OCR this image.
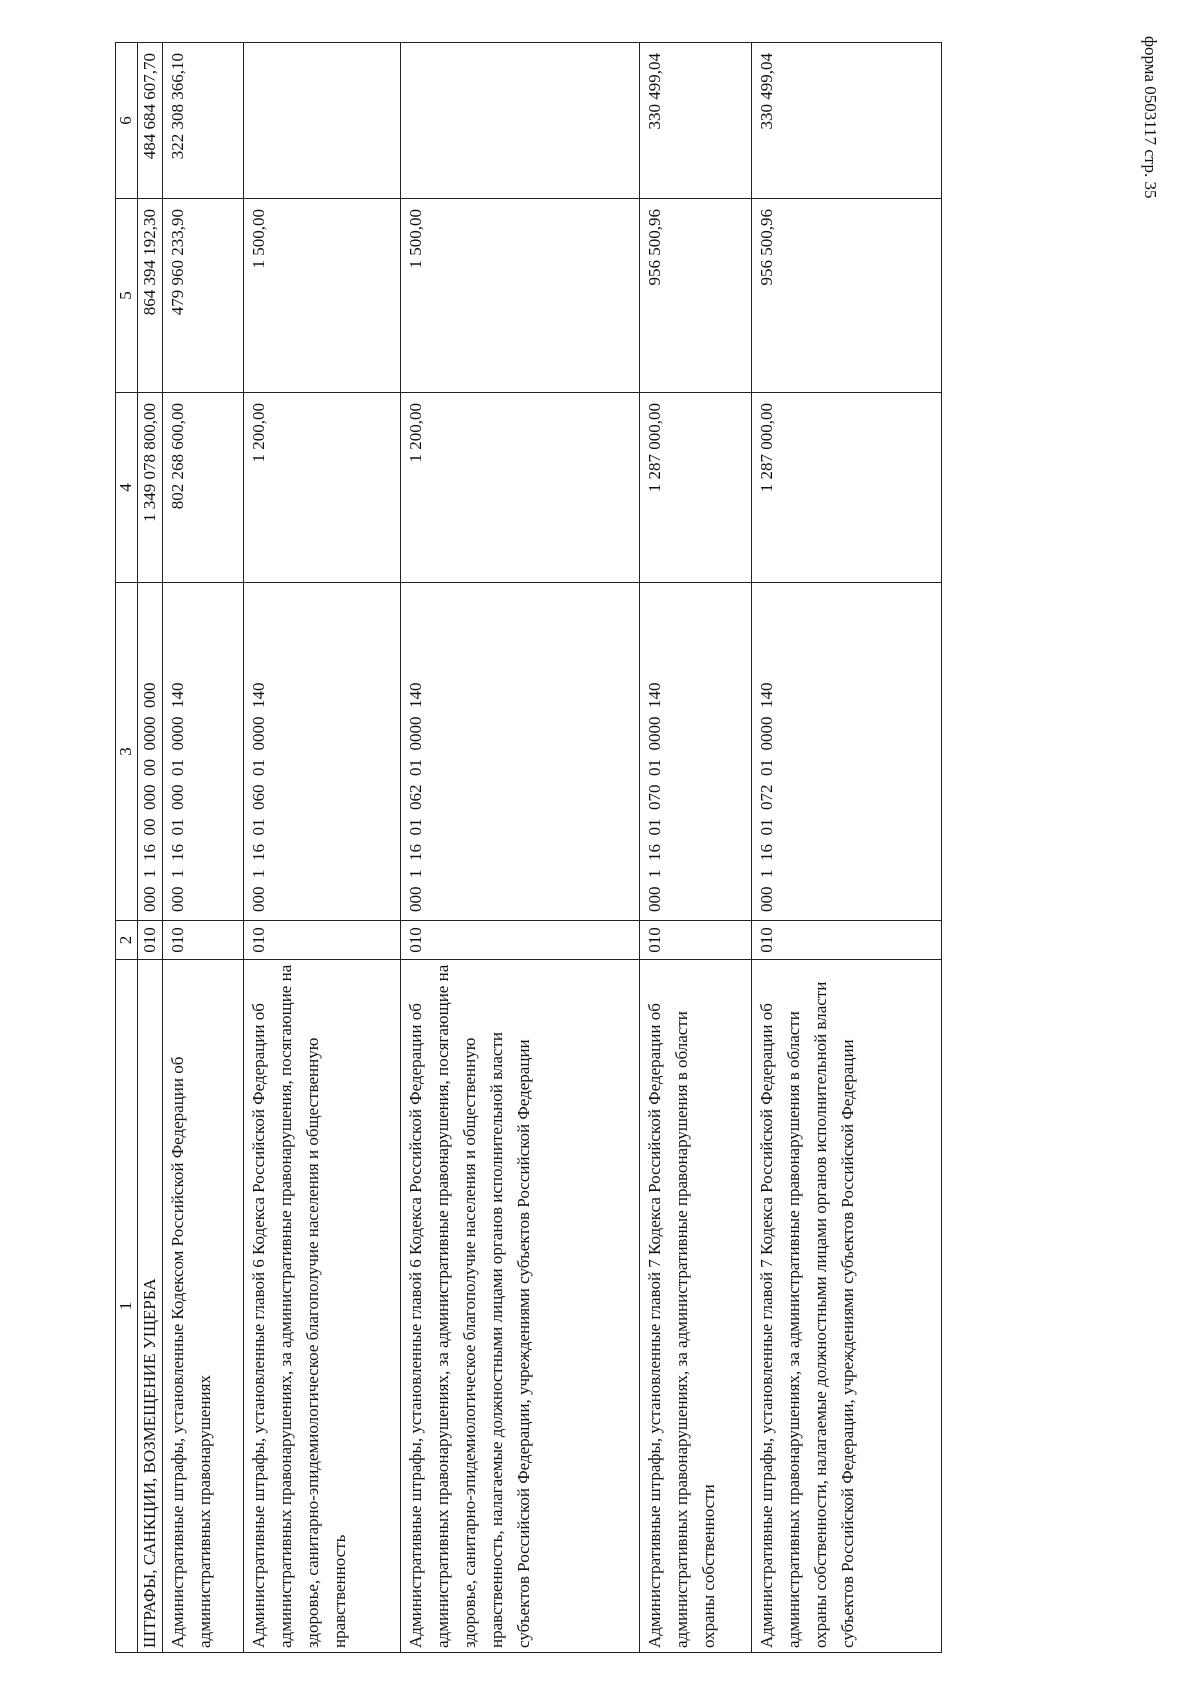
форма 0503117 стр. 35
1	2	3	4	5	6
ШТРАФЫ, САНКЦИИ, ВОЗМЕЩЕНИЕ УЩЕРБА	010	000  1  16  00  000  00  0000  000	1 349 078 800,00	864 394 192,30	484 684 607,70
Административные штрафы, установленные Кодексом Российской Федерации об административных правонарушениях	010	000  1  16  01  000  01  0000  140	802 268 600,00	479 960 233,90	322 308 366,10
Административные штрафы, установленные главой 6 Кодекса Российской Федерации об административных правонарушениях, за административные правонарушения, посягающие на здоровье, санитарно-эпидемиологическое благополучие населения и общественную нравственность	010	000  1  16  01  060  01  0000  140	1 200,00	1 500,00	
Административные штрафы, установленные главой 6 Кодекса Российской Федерации об административных правонарушениях, за административные правонарушения, посягающие на здоровье, санитарно-эпидемиологическое благополучие населения и общественную нравственность, налагаемые должностными лицами органов исполнительной власти субъектов Российской Федерации, учреждениями субъектов Российской Федерации	010	000  1  16  01  062  01  0000  140	1 200,00	1 500,00	
Административные штрафы, установленные главой 7 Кодекса Российской Федерации об административных правонарушениях, за административные правонарушения в области охраны собственности	010	000  1  16  01  070  01  0000  140	1 287 000,00	956 500,96	330 499,04
Административные штрафы, установленные главой 7 Кодекса Российской Федерации об административных правонарушениях, за административные правонарушения в области охраны собственности, налагаемые должностными лицами органов исполнительной власти субъектов Российской Федерации, учреждениями субъектов Российской Федерации	010	000  1  16  01  072  01  0000  140	1 287 000,00	956 500,96	330 499,04
